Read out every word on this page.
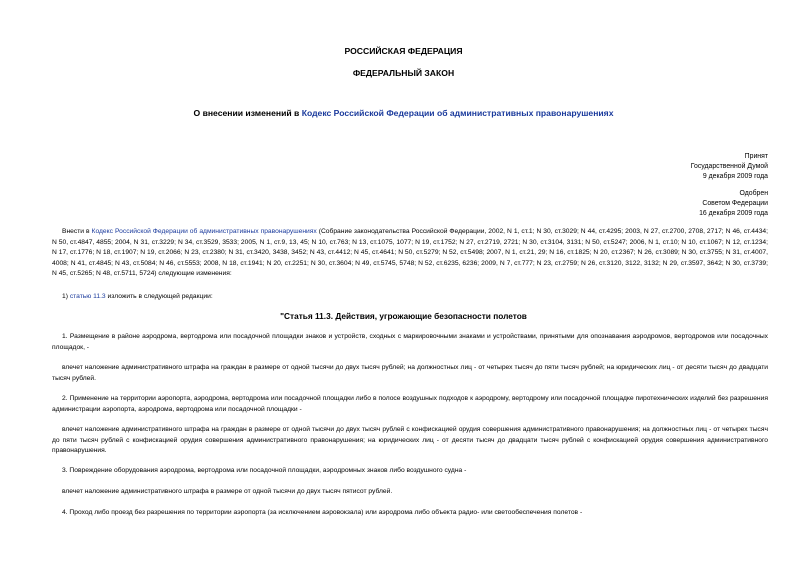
РОССИЙСКАЯ ФЕДЕРАЦИЯ
ФЕДЕРАЛЬНЫЙ ЗАКОН
О внесении изменений в Кодекс Российской Федерации об административных правонарушениях
Принят
Государственной Думой
9 декабря 2009 года
Одобрен
Советом Федерации
16 декабря 2009 года
Внести в Кодекс Российской Федерации об административных правонарушениях (Собрание законодательства Российской Федерации, 2002, N 1, ст.1; N 30, ст.3029; N 44, ст.4295; 2003, N 27, ст.2700, 2708, 2717; N 46, ст.4434; N 50, ст.4847, 4855; 2004, N 31, ст.3229; N 34, ст.3529, 3533; 2005, N 1, ст.9, 13, 45; N 10, ст.763; N 13, ст.1075, 1077; N 19, ст.1752; N 27, ст.2719, 2721; N 30, ст.3104, 3131; N 50, ст.5247; 2006, N 1, ст.10; N 10, ст.1067; N 12, ст.1234; N 17, ст.1776; N 18, ст.1907; N 19, ст.2066; N 23, ст.2380; N 31, ст.3420, 3438, 3452; N 43, ст.4412; N 45, ст.4641; N 50, ст.5279; N 52, ст.5498; 2007, N 1, ст.21, 29; N 16, ст.1825; N 20, ст.2367; N 26, ст.3089; N 30, ст.3755; N 31, ст.4007, 4008; N 41, ст.4845; N 43, ст.5084; N 46, ст.5553; 2008, N 18, ст.1941; N 20, ст.2251; N 30, ст.3604; N 49, ст.5745, 5748; N 52, ст.6235, 6236; 2009, N 7, ст.777; N 23, ст.2759; N 26, ст.3120, 3122, 3132; N 29, ст.3597, 3642; N 30, ст.3739; N 45, ст.5265; N 48, ст.5711, 5724) следующие изменения:
1) статью 11.3 изложить в следующей редакции:
"Статья 11.3. Действия, угрожающие безопасности полетов
1. Размещение в районе аэродрома, вертодрома или посадочной площадки знаков и устройств, сходных с маркировочными знаками и устройствами, принятыми для опознавания аэродромов, вертодромов или посадочных площадок, -
влечет наложение административного штрафа на граждан в размере от одной тысячи до двух тысяч рублей; на должностных лиц - от четырех тысяч до пяти тысяч рублей; на юридических лиц - от десяти тысяч до двадцати тысяч рублей.
2. Применение на территории аэропорта, аэродрома, вертодрома или посадочной площадки либо в полосе воздушных подходов к аэродрому, вертодрому или посадочной площадке пиротехнических изделий без разрешения администрации аэропорта, аэродрома, вертодрома или посадочной площадки -
влечет наложение административного штрафа на граждан в размере от одной тысячи до двух тысяч рублей с конфискацией орудия совершения административного правонарушения; на должностных лиц - от четырех тысяч до пяти тысяч рублей с конфискацией орудия совершения административного правонарушения; на юридических лиц - от десяти тысяч до двадцати тысяч рублей с конфискацией орудия совершения административного правонарушения.
3. Повреждение оборудования аэродрома, вертодрома или посадочной площадки, аэродромных знаков либо воздушного судна -
влечет наложение административного штрафа в размере от одной тысячи до двух тысяч пятисот рублей.
4. Проход либо проезд без разрешения по территории аэропорта (за исключением аэровокзала) или аэродрома либо объекта радио- или светообеспечения полетов -
